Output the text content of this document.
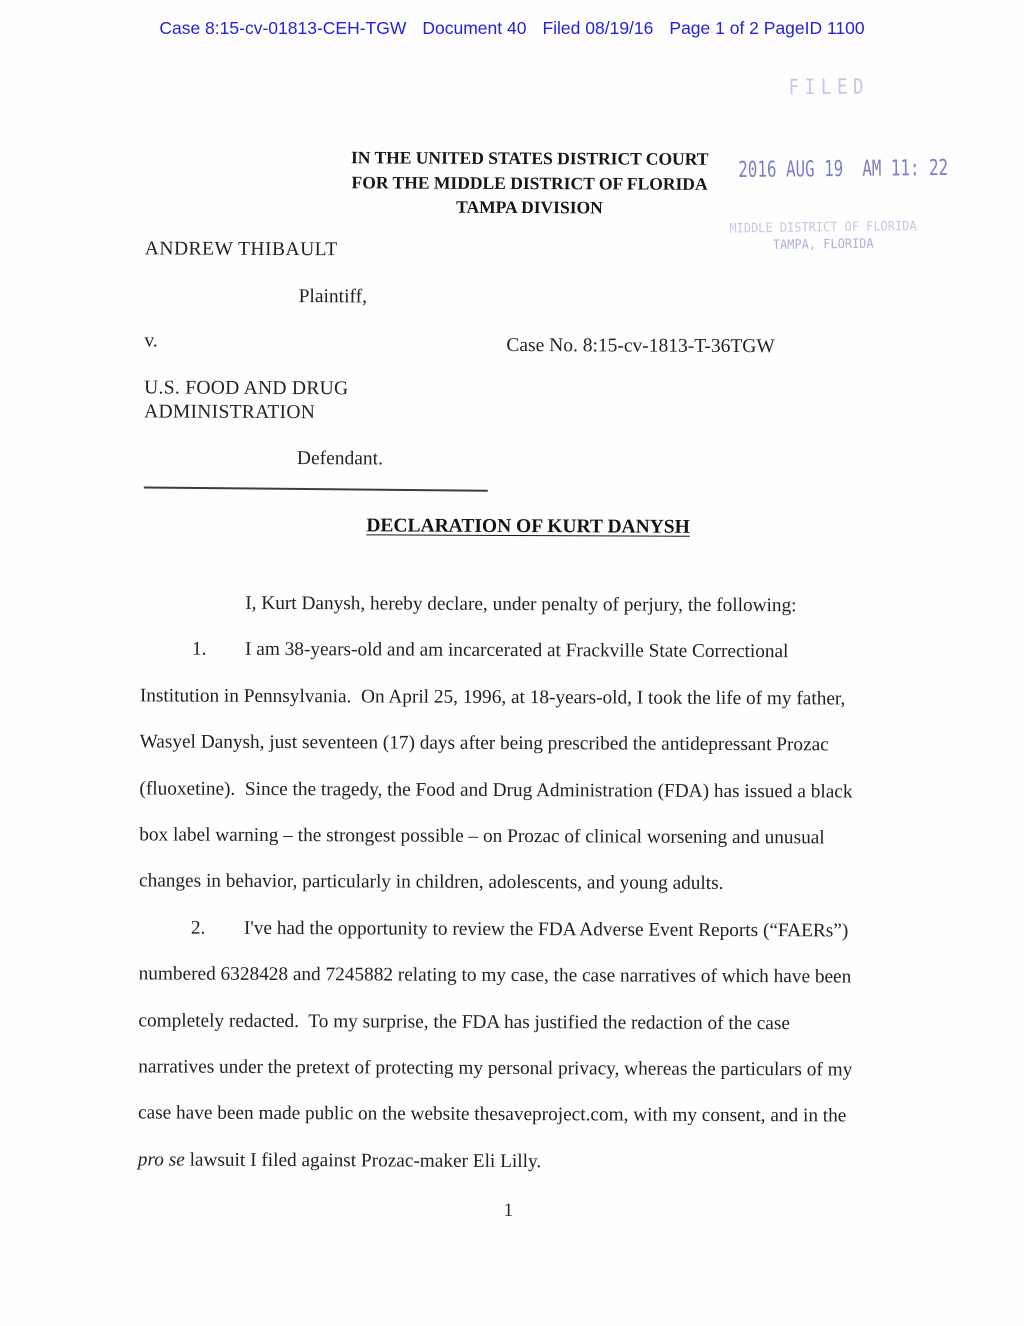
Case 8:15-cv-01813-CEH-TGW Document 40 Filed 08/19/16 Page 1 of 2 PageID 1100
FILED
IN THE UNITED STATES DISTRICT COURT
FOR THE MIDDLE DISTRICT OF FLORIDA
TAMPA DIVISION
2016 AUG 19  AM 11: 22
MIDDLE DISTRICT OF FLORIDA
TAMPA, FLORIDA
ANDREW THIBAULT
Plaintiff,
v.	Case No. 8:15-cv-1813-T-36TGW
U.S. FOOD AND DRUG
ADMINISTRATION
Defendant.
DECLARATION OF KURT DANYSH
I, Kurt Danysh, hereby declare, under penalty of perjury, the following:
1. I am 38-years-old and am incarcerated at Frackville State Correctional
Institution in Pennsylvania.  On April 25, 1996, at 18-years-old, I took the life of my father,
Wasyel Danysh, just seventeen (17) days after being prescribed the antidepressant Prozac
(fluoxetine).  Since the tragedy, the Food and Drug Administration (FDA) has issued a black
box label warning – the strongest possible – on Prozac of clinical worsening and unusual
changes in behavior, particularly in children, adolescents, and young adults.
2. I've had the opportunity to review the FDA Adverse Event Reports (“FAERs”)
numbered 6328428 and 7245882 relating to my case, the case narratives of which have been
completely redacted.  To my surprise, the FDA has justified the redaction of the case
narratives under the pretext of protecting my personal privacy, whereas the particulars of my
case have been made public on the website thesaveproject.com, with my consent, and in the
pro se lawsuit I filed against Prozac-maker Eli Lilly.
1
